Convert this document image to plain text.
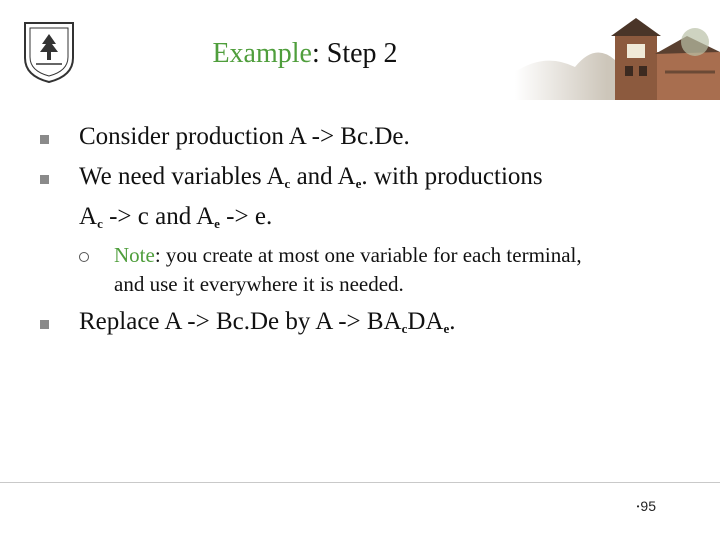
Example: Step 2
Consider production A -> Bc.De.
We need variables $A_c$ and $A_e$. with productions
$A_c -> c$ and $A_e -> e$.
Note: you create at most one variable for each terminal,
and use it everywhere it is needed.
Replace A -> Bc.De by $A -> BA_cDA_e$.
•95
